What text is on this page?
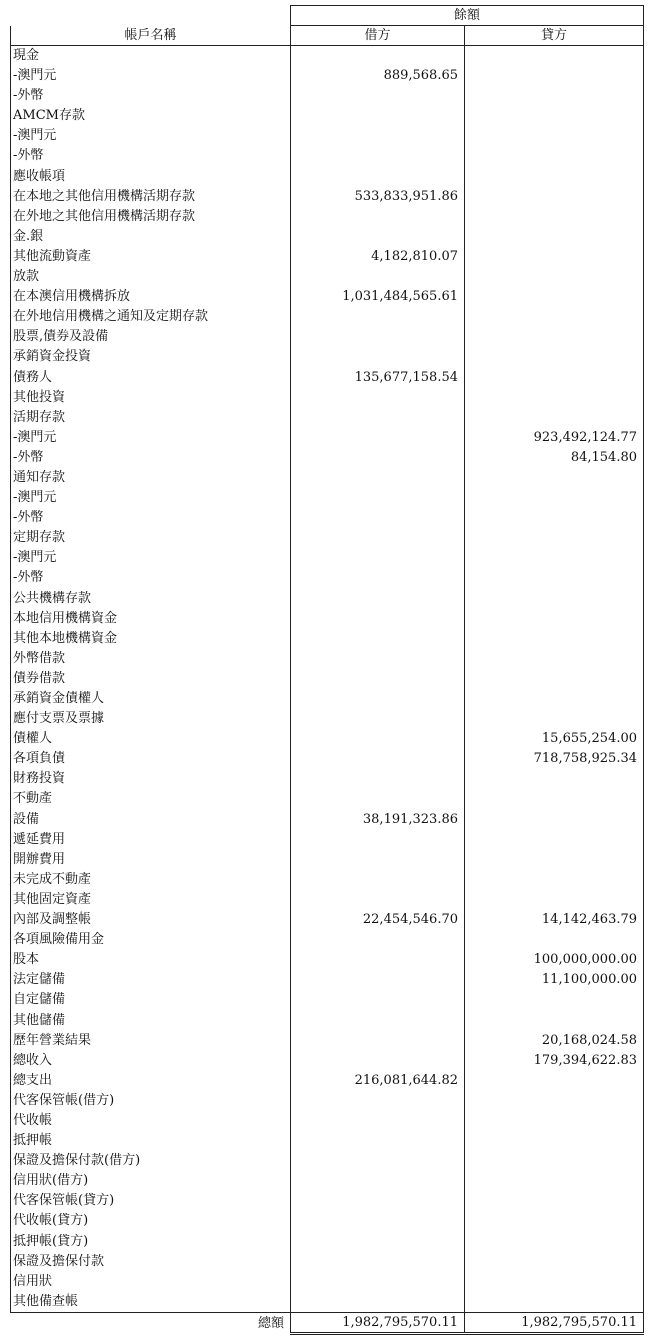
	餘額	
帳戶名稱	借方	貸方
現金		
-澳門元	889,568.65	
-外幣		
AMCM存款		
-澳門元		
-外幣		
應收帳項		
在本地之其他信用機構活期存款	533,833,951.86	
在外地之其他信用機構活期存款		
金.銀		
其他流動資產	4,182,810.07	
放款		
在本澳信用機構拆放	1,031,484,565.61	
在外地信用機構之通知及定期存款		
股票,債券及設備		
承銷資金投資		
債務人	135,677,158.54	
其他投資		
活期存款		
-澳門元		923,492,124.77
-外幣		84,154.80
通知存款		
-澳門元		
-外幣		
定期存款		
-澳門元		
-外幣		
公共機構存款		
本地信用機構資金		
其他本地機構資金		
外幣借款		
債券借款		
承銷資金債權人		
應付支票及票據		
債權人		15,655,254.00
各項負債		718,758,925.34
財務投資		
不動產		
設備	38,191,323.86	
遞延費用		
開辦費用		
未完成不動產		
其他固定資產		
內部及調整帳	22,454,546.70	14,142,463.79
各項風險備用金		
股本		100,000,000.00
法定儲備		11,100,000.00
自定儲備		
其他儲備		
歷年營業結果		20,168,024.58
總收入		179,394,622.83
總支出	216,081,644.82	
代客保管帳(借方)		
代收帳		
抵押帳		
保證及擔保付款(借方)		
信用狀(借方)		
代客保管帳(貸方)		
代收帳(貸方)		
抵押帳(貸方)		
保證及擔保付款		
信用狀		
其他備查帳		
總額	1,982,795,570.11	1,982,795,570.11
